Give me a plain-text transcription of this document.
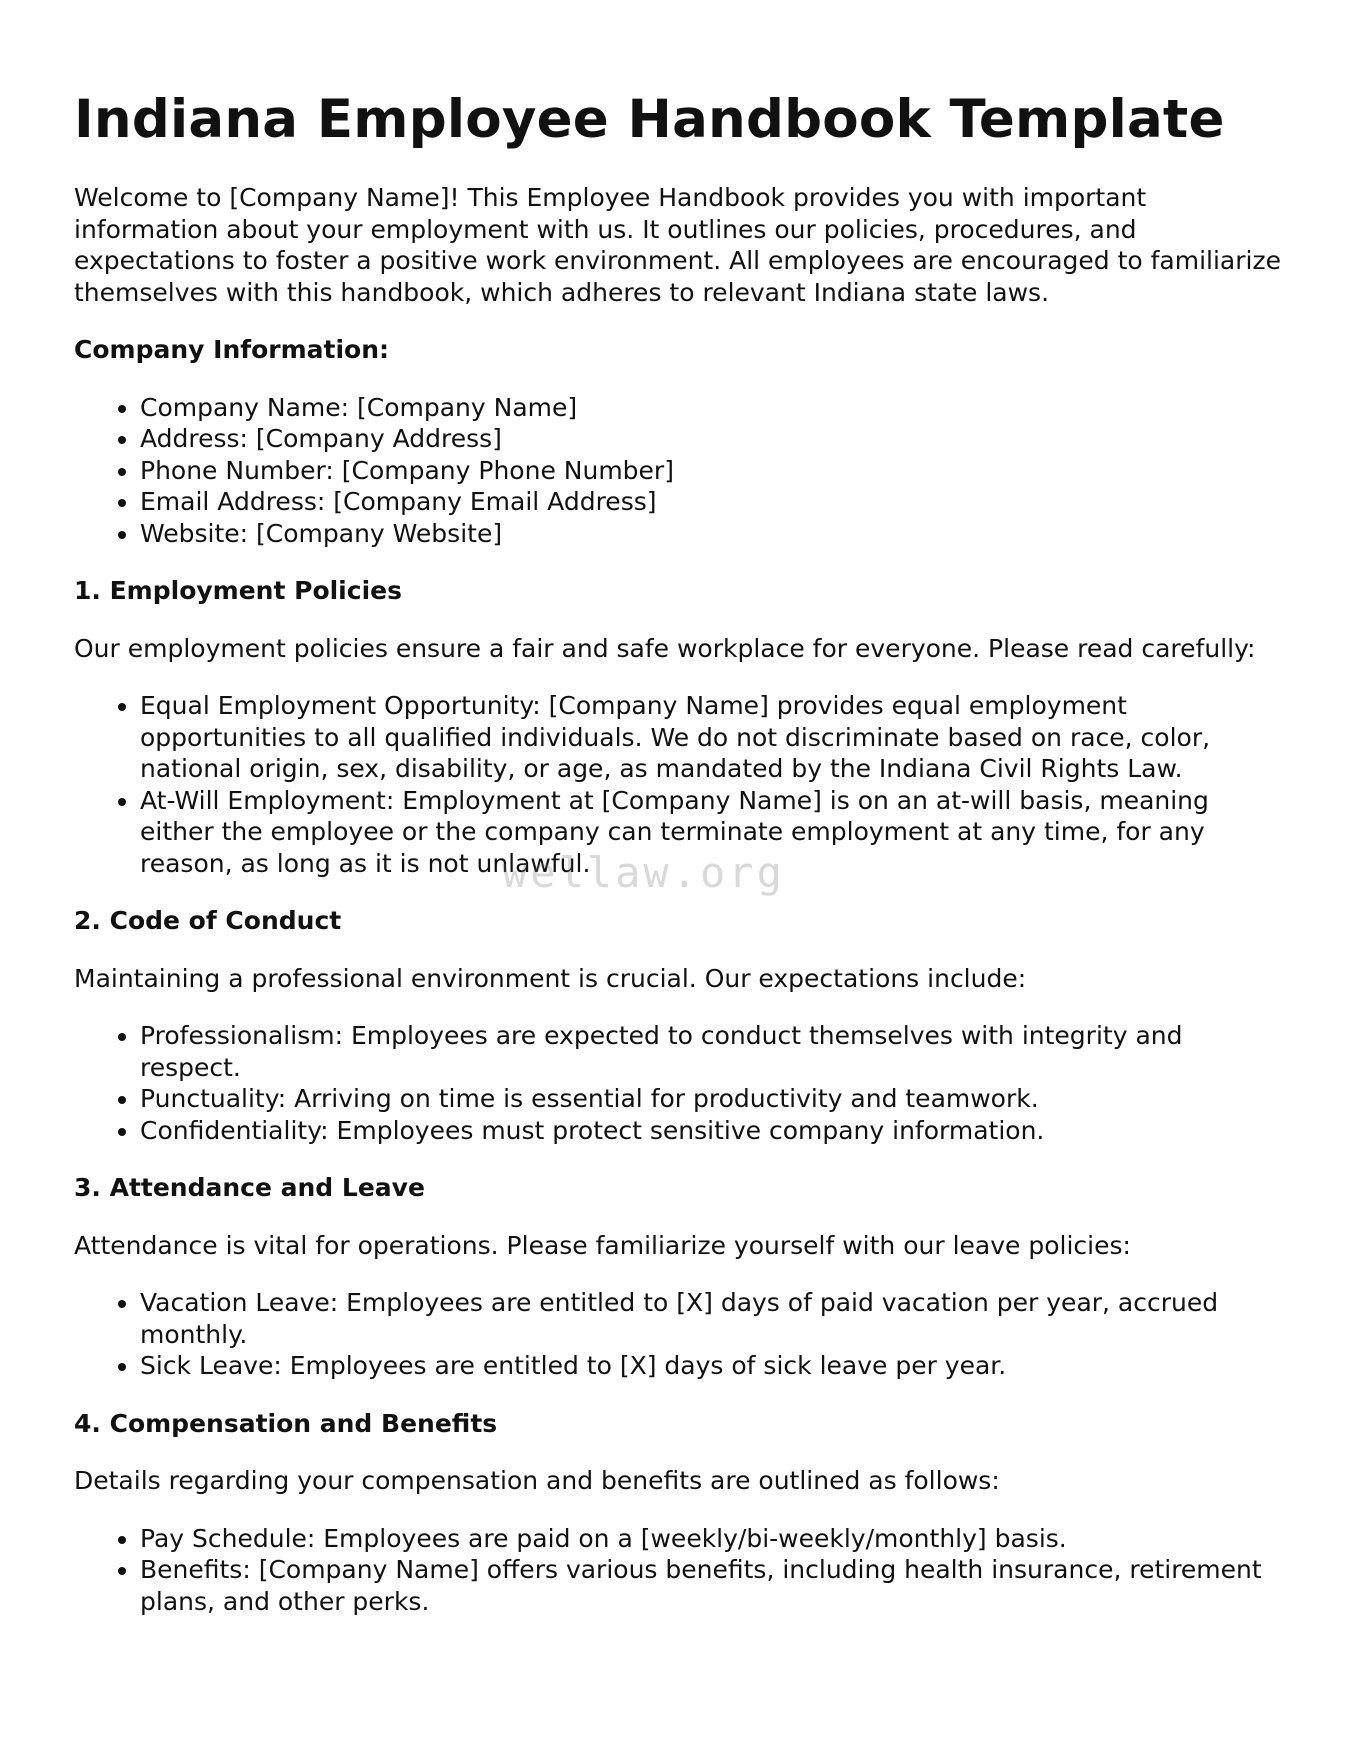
Indiana Employee Handbook Template

Welcome to [Company Name]! This Employee Handbook provides you with important information about your employment with us. It outlines our policies, procedures, and expectations to foster a positive work environment. All employees are encouraged to familiarize themselves with this handbook, which adheres to relevant Indiana state laws.

Company Information:
• Company Name: [Company Name]
• Address: [Company Address]
• Phone Number: [Company Phone Number]
• Email Address: [Company Email Address]
• Website: [Company Website]
1. Employment Policies

Our employment policies ensure a fair and safe workplace for everyone. Please read carefully:

• Equal Employment Opportunity: [Company Name] provides equal employment opportunities to all qualified individuals. We do not discriminate based on race, color, national origin, sex, disability, or age, as mandated by the Indiana Civil Rights Law.
• At-Will Employment: Employment at [Company Name] is on an at-will basis, meaning either the employee or the company can terminate employment at any time, for any reason, as long as it is not unlawful.
2. Code of Conduct

Maintaining a professional environment is crucial. Our expectations include:

• Professionalism: Employees are expected to conduct themselves with integrity and respect.
• Punctuality: Arriving on time is essential for productivity and teamwork.
• Confidentiality: Employees must protect sensitive company information.
3. Attendance and Leave

Attendance is vital for operations. Please familiarize yourself with our leave policies:

• Vacation Leave: Employees are entitled to [X] days of paid vacation per year, accrued monthly.
• Sick Leave: Employees are entitled to [X] days of sick leave per year.
4. Compensation and Benefits

Details regarding your compensation and benefits are outlined as follows:

• Pay Schedule: Employees are paid on a [weekly/bi-weekly/monthly] basis.
• Benefits: [Company Name] offers various benefits, including health insurance, retirement plans, and other perks.
wellaw.org
